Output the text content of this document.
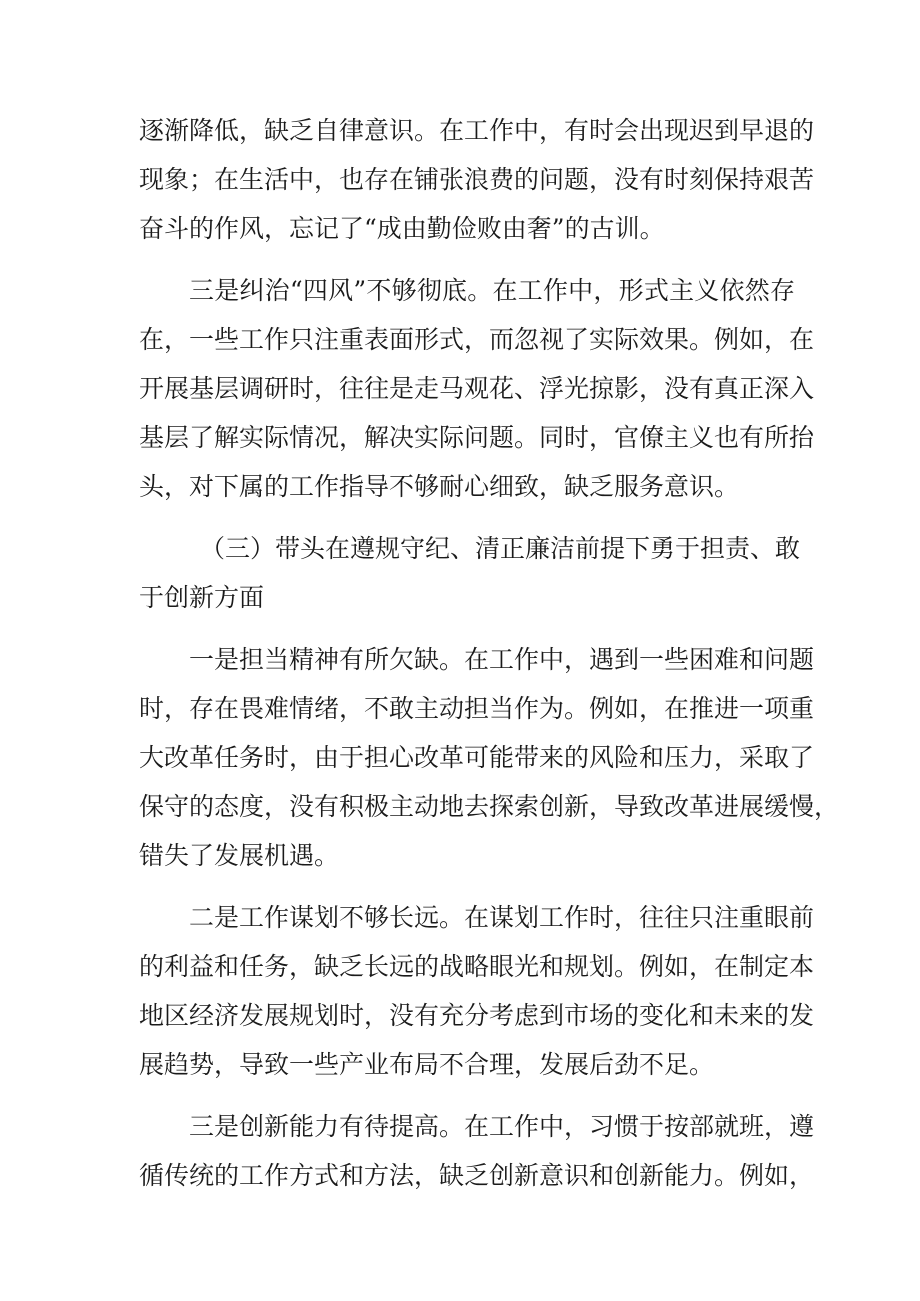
逐渐降低，缺乏自律意识。在工作中，有时会出现迟到早退的
现象；在生活中，也存在铺张浪费的问题，没有时刻保持艰苦
奋斗的作风，忘记了“成由勤俭败由奢”的古训。
三是纠治“四风”不够彻底。在工作中，形式主义依然存
在，一些工作只注重表面形式，而忽视了实际效果。例如，在
开展基层调研时，往往是走马观花、浮光掠影，没有真正深入
基层了解实际情况，解决实际问题。同时，官僚主义也有所抬
头，对下属的工作指导不够耐心细致，缺乏服务意识。
（三）带头在遵规守纪、清正廉洁前提下勇于担责、敢
于创新方面
一是担当精神有所欠缺。在工作中，遇到一些困难和问题
时，存在畏难情绪，不敢主动担当作为。例如，在推进一项重
大改革任务时，由于担心改革可能带来的风险和压力，采取了
保守的态度，没有积极主动地去探索创新，导致改革进展缓慢，
错失了发展机遇。
二是工作谋划不够长远。在谋划工作时，往往只注重眼前
的利益和任务，缺乏长远的战略眼光和规划。例如，在制定本
地区经济发展规划时，没有充分考虑到市场的变化和未来的发
展趋势，导致一些产业布局不合理，发展后劲不足。
三是创新能力有待提高。在工作中，习惯于按部就班，遵
循传统的工作方式和方法，缺乏创新意识和创新能力。例如，
